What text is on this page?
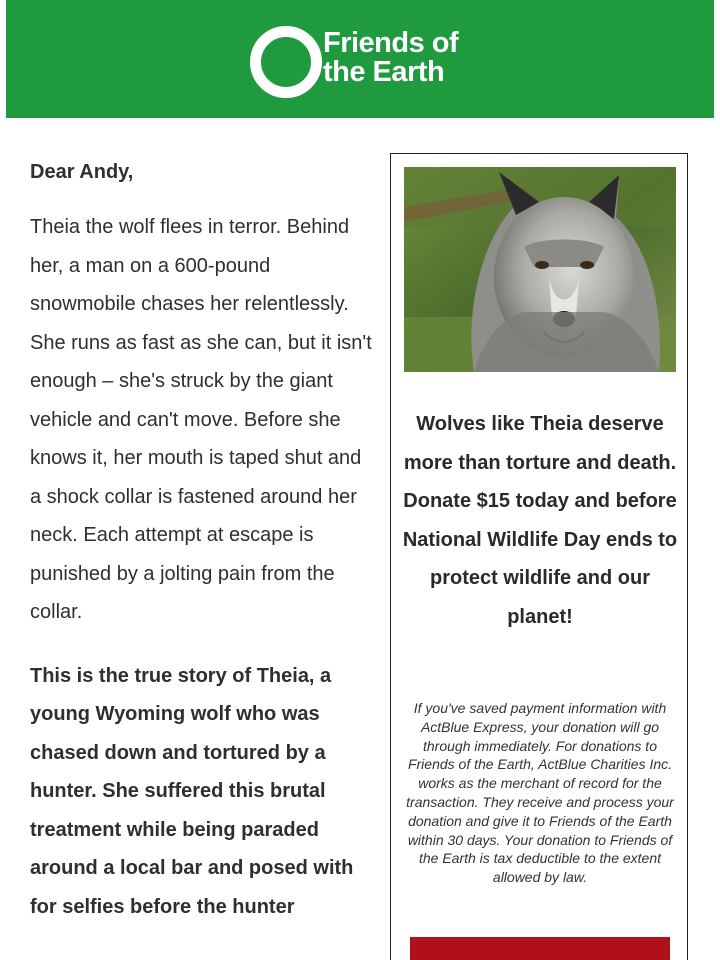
Friends of
the Earth

Dear Andy,

Theia the wolf flees in terror. Behind her, a man on a 600-pound snowmobile chases her relentlessly. She runs as fast as she can, but it isn't enough – she's struck by the giant vehicle and can't move. Before she knows it, her mouth is taped shut and a shock collar is fastened around her neck. Each attempt at escape is punished by a jolting pain from the collar.

This is the true story of Theia, a young Wyoming wolf who was chased down and tortured by a hunter. She suffered this brutal treatment while being paraded around a local bar and posed with for selfies before the hunter

Wolves like Theia deserve more than torture and death. Donate $15 today and before National Wildlife Day ends to protect wildlife and our planet!

If you've saved payment information with ActBlue Express, your donation will go through immediately. For donations to Friends of the Earth, ActBlue Charities Inc. works as the merchant of record for the transaction. They receive and process your donation and give it to Friends of the Earth within 30 days. Your donation to Friends of the Earth is tax deductible to the extent allowed by law.
